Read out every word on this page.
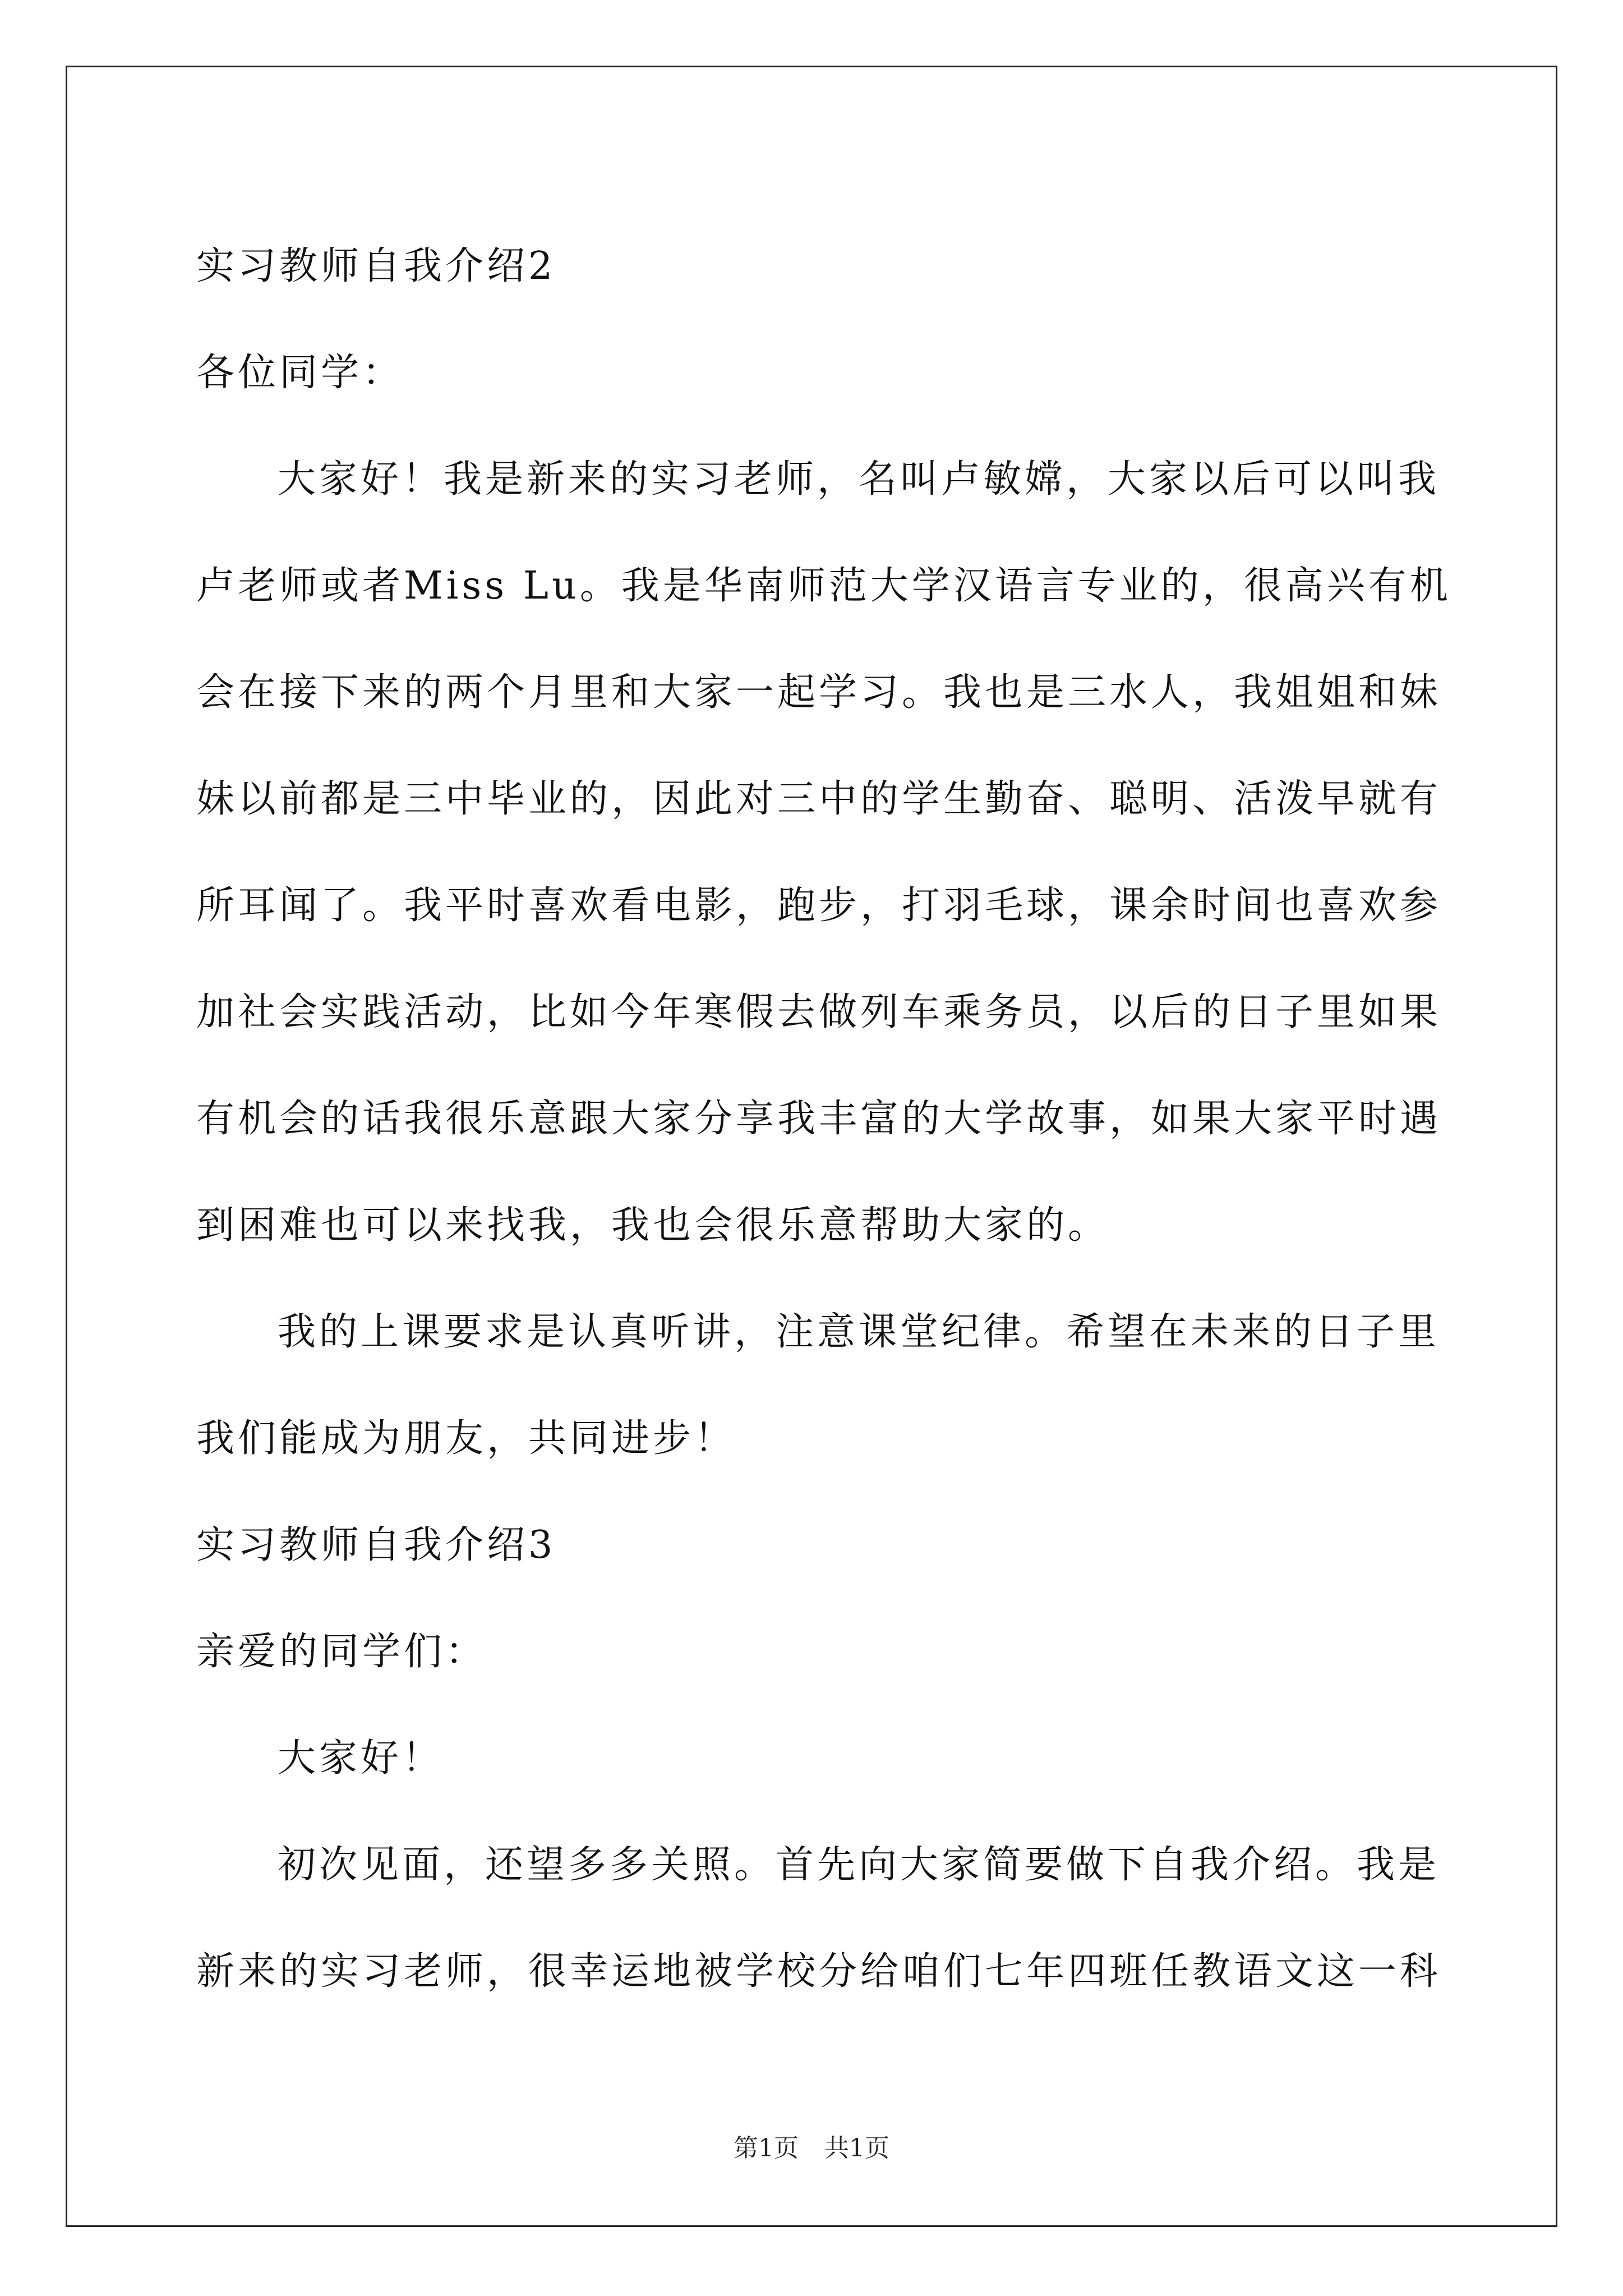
实习教师自我介绍2
各位同学：
大家好！我是新来的实习老师，名叫卢敏嫦，大家以后可以叫我
卢老师或者Miss Lu。我是华南师范大学汉语言专业的，很高兴有机
会在接下来的两个月里和大家一起学习。我也是三水人，我姐姐和妹
妹以前都是三中毕业的，因此对三中的学生勤奋、聪明、活泼早就有
所耳闻了。我平时喜欢看电影，跑步，打羽毛球，课余时间也喜欢参
加社会实践活动，比如今年寒假去做列车乘务员，以后的日子里如果
有机会的话我很乐意跟大家分享我丰富的大学故事，如果大家平时遇
到困难也可以来找我，我也会很乐意帮助大家的。
我的上课要求是认真听讲，注意课堂纪律。希望在未来的日子里
我们能成为朋友，共同进步！
实习教师自我介绍3
亲爱的同学们：
大家好！
初次见面，还望多多关照。首先向大家简要做下自我介绍。我是
新来的实习老师，很幸运地被学校分给咱们七年四班任教语文这一科
第1页 共1页
